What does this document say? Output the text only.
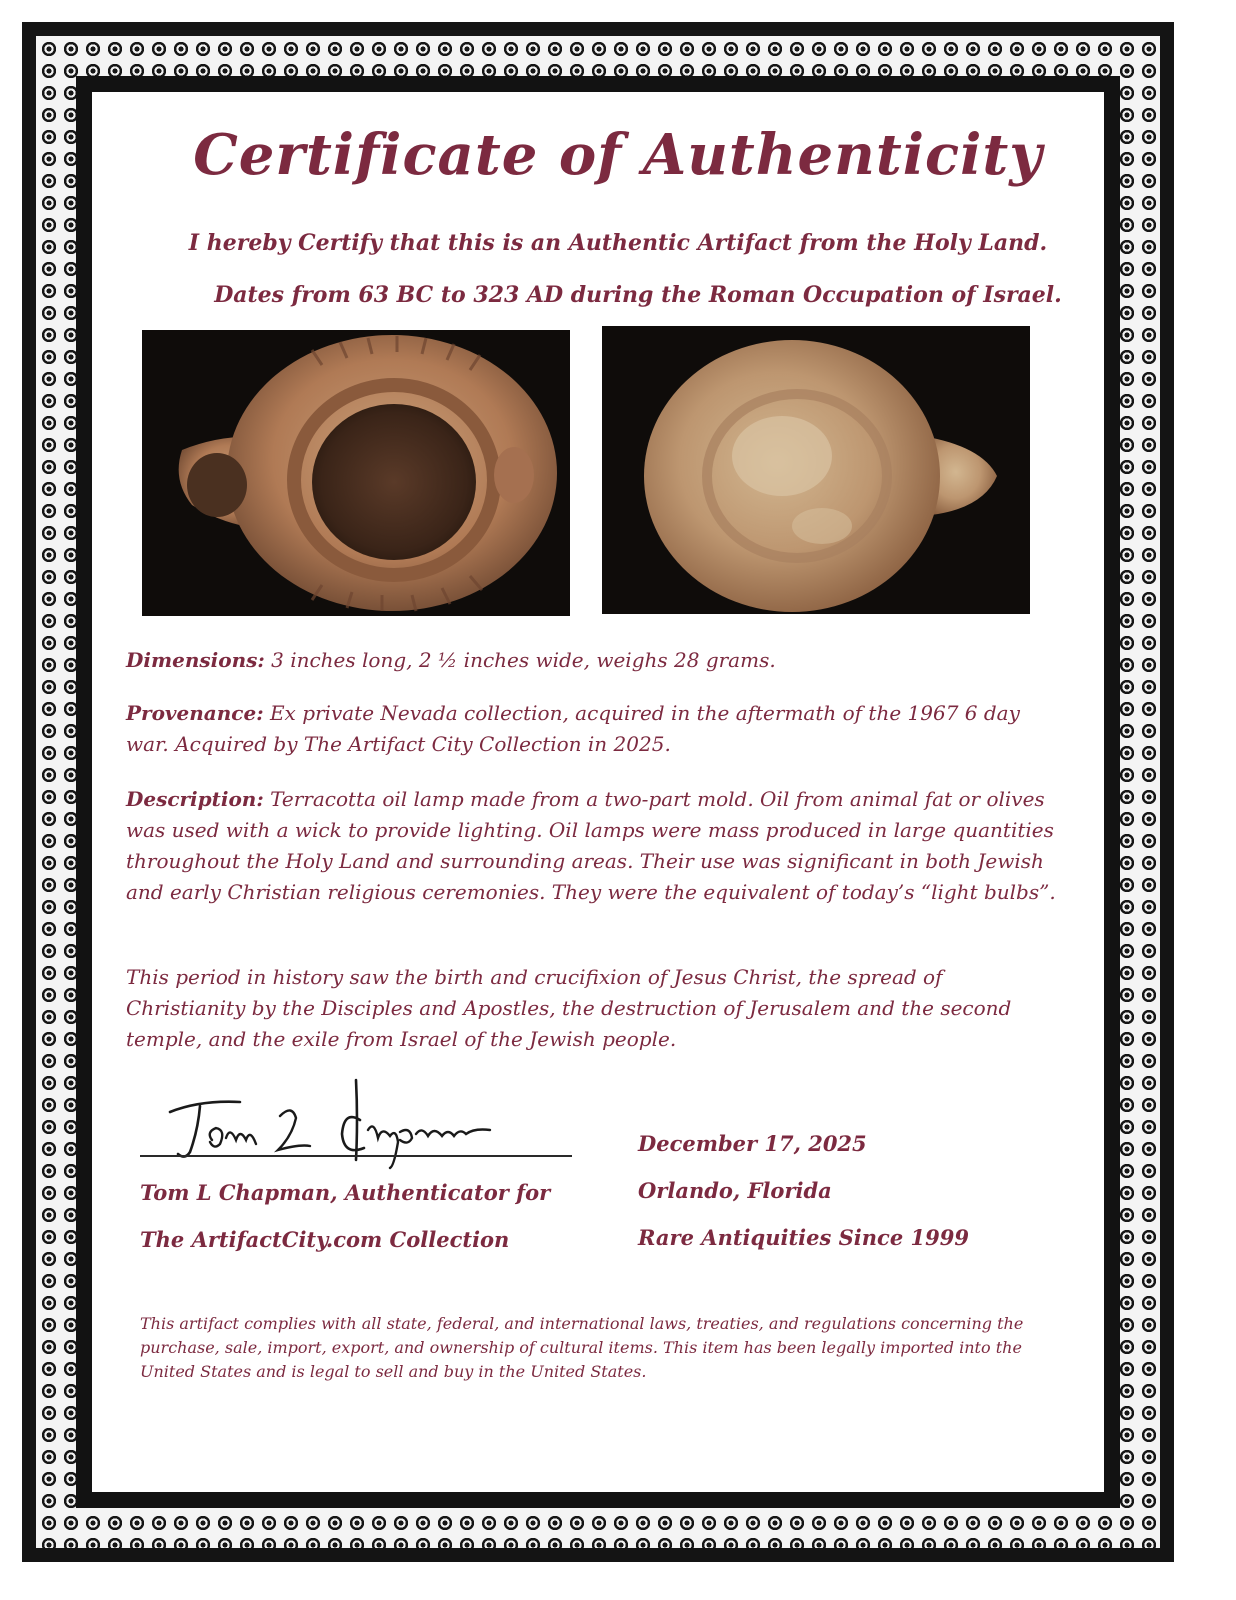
Certificate of Authenticity
I hereby Certify that this is an Authentic Artifact from the Holy Land.
Dates from 63 BC to 323 AD during the Roman Occupation of Israel.
Dimensions: 3 inches long, 2 ½ inches wide, weighs 28 grams.
Provenance: Ex private Nevada collection, acquired in the aftermath of the 1967 6 day war. Acquired by The Artifact City Collection in 2025.
Description: Terracotta oil lamp made from a two-part mold. Oil from animal fat or olives was used with a wick to provide lighting. Oil lamps were mass produced in large quantities throughout the Holy Land and surrounding areas. Their use was significant in both Jewish and early Christian religious ceremonies. They were the equivalent of today’s “light bulbs”.
This period in history saw the birth and crucifixion of Jesus Christ, the spread of Christianity by the Disciples and Apostles, the destruction of Jerusalem and the second temple, and the exile from Israel of the Jewish people.
Tom L Chapman, Authenticator for
The ArtifactCity.com Collection
December 17, 2025
Orlando, Florida
Rare Antiquities Since 1999
This artifact complies with all state, federal, and international laws, treaties, and regulations concerning the purchase, sale, import, export, and ownership of cultural items. This item has been legally imported into the United States and is legal to sell and buy in the United States.
